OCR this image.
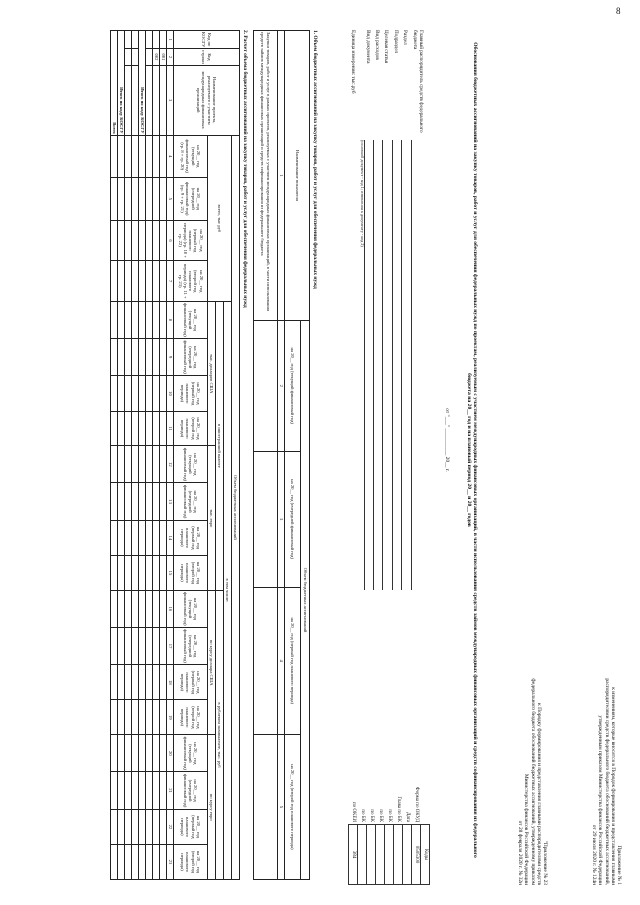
8
Приложение № 1
к изменениям, которые вносятся в Порядок формирования и представления главными
распорядителями средств федерального бюджета обоснований бюджетных ассигнований,
утвержденным приказом Министерства финансов Российской Федерации
от 29 июля 2020 г. № 124н
"Приложение № 23
к Порядку формирования и представления главными распорядителями средств
федерального бюджета обоснований бюджетных ассигнований, утвержденному приказом
Министерства финансов Российской Федерации
от 28 февраля 2020 г. № 32н
Обоснования бюджетных ассигнований на закупку товаров, работ и услуг для обеспечения федеральных нужд по проектам, реализуемым с участием международных финансовых организаций, в части использования средств займов международных финансовых организаций и средств софинансирования из федерального бюджета на 20__ год и на плановый период 20__ и 20__ годов
от "___" __________ 20__ г.
	Коды
Форма по ОКУД	0505300
Дата	
Глава по БК	
по БК	
по БК	
по БК	
по БК	
по ОКЕИ	384
Главный распорядитель средств федерального бюджета
Раздел
Подраздел
Целевая статья
Вид расходов
Вид документа
(основной документ - код 1; изменения к документу - код 2)
Единица измерения: тыс.руб
1. Объем бюджетных ассигнований на закупку товаров, работ и услуг для обеспечения федеральных нужд
Наименование показателя	Объем бюджетных ассигнований			
	на 20__ год (текущий финансовый год)	на 20__ год (очередной финансовый год)	на 20__ год (первый год планового периода)	на 20__ год (второй год планового периода)
1	2	3	4	5
Закупки товаров, работ и услуг в рамках проектов, реализуемых с участием международных финансовых организаций, в части использования средств займов международных финансовых организаций и средств софинансирования из федерального бюджета				
2. Расчет объема бюджетных ассигнований на закупку товаров, работ и услуг для обеспечения федеральных нужд
Код по КОСГУ	Код строки	Наименование проекта, реализуемого с участием международных финансовых организаций	Объем бюджетных ассигнований																			
			всего, тыс руб				в том числе:															
							в иностранной валюте								в рублевом эквиваленте, тыс. руб							
							тыс. долларов США				тыс. евро				по курсу доллара США				по курсу евро			
			на 20__ год (текущий финансовый год) (гр. 8 + гр. 20)	на 20__ год (очередной финансовый год) (гр. 9 + гр. 21)	на 20__ год (первый год планового периода) (гр. 10 + гр. 22)	на 20__ год (второй год планового периода) (гр. 11 + гр. 23)	на 20__ год (текущий финансовый год)	на 20__ год (очередной финансовый год)	на 20__ год (первый год планового периода)	на 20__ год (второй год планового периода)	на 20__ год (текущий финансовый год)	на 20__ год (очередной финансовый год)	на 20__ год (первый год планового периода)	на 20__ год (второй год планового периода)	на 20__ год (текущий финансовый год)	на 20__ год (очередной финансовый год)	на 20__ год (первый год планового периода)	на 20__ год (второй год планового периода)	на 20__ год (текущий финансовый год)	на 20__ год (очередной финансовый год)	на 20__ год (первый год планового периода)	на 20__ год (второй год планового периода)
1	2	3	4	5	6	7	8	9	10	11	12	13	14	15	16	17	18	19	20	21	22	23
	001																					
	002																					

Итого по коду КОСГУ																						

Итого по коду КОСГУ																						
Всего																						
